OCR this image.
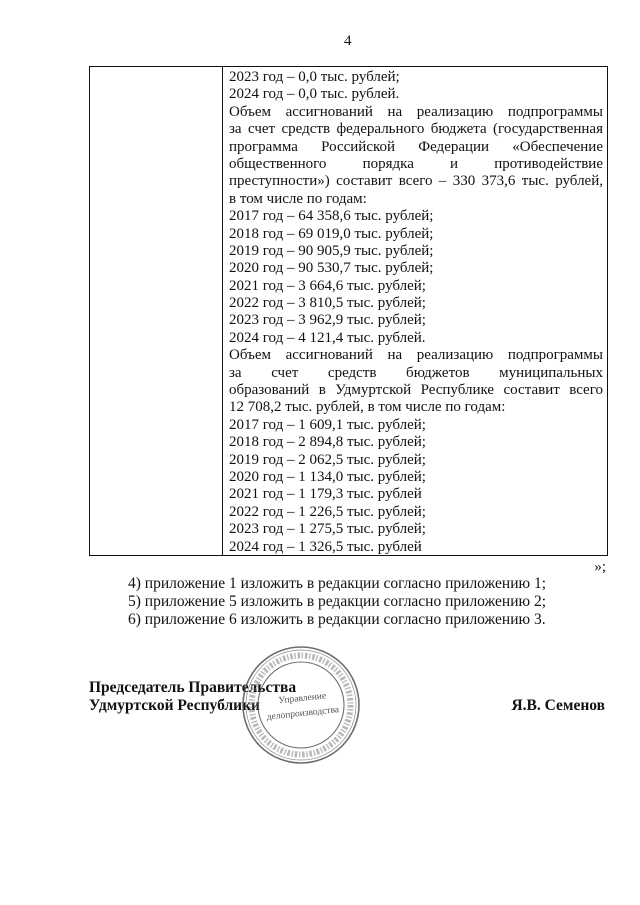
4
2023 год – 0,0 тыс. рублей;
2024 год – 0,0 тыс. рублей.
Объем ассигнований на реализацию подпрограммы
за счет средств федерального бюджета (государственная
программа Российской Федерации «Обеспечение
общественного порядка и противодействие
преступности») составит всего – 330 373,6 тыс. рублей,
в том числе по годам:
2017 год – 64 358,6 тыс. рублей;
2018 год – 69 019,0 тыс. рублей;
2019 год – 90 905,9 тыс. рублей;
2020 год – 90 530,7 тыс. рублей;
2021 год – 3 664,6 тыс. рублей;
2022 год – 3 810,5 тыс. рублей;
2023 год – 3 962,9 тыс. рублей;
2024 год – 4 121,4 тыс. рублей.
Объем ассигнований на реализацию подпрограммы
за счет средств бюджетов муниципальных
образований в Удмуртской Республике составит всего
12 708,2 тыс. рублей, в том числе по годам:
2017 год – 1 609,1 тыс. рублей;
2018 год – 2 894,8 тыс. рублей;
2019 год – 2 062,5 тыс. рублей;
2020 год – 1 134,0 тыс. рублей;
2021 год – 1 179,3 тыс. рублей
2022 год – 1 226,5 тыс. рублей;
2023 год – 1 275,5 тыс. рублей;
2024 год – 1 326,5 тыс. рублей
»;
4) приложение 1 изложить в редакции согласно приложению 1;
5) приложение 5 изложить в редакции согласно приложению 2;
6) приложение 6 изложить в редакции согласно приложению 3.
Председатель Правительства
Удмуртской Республики	Я.В. Семенов
Управление
делопроизводства
